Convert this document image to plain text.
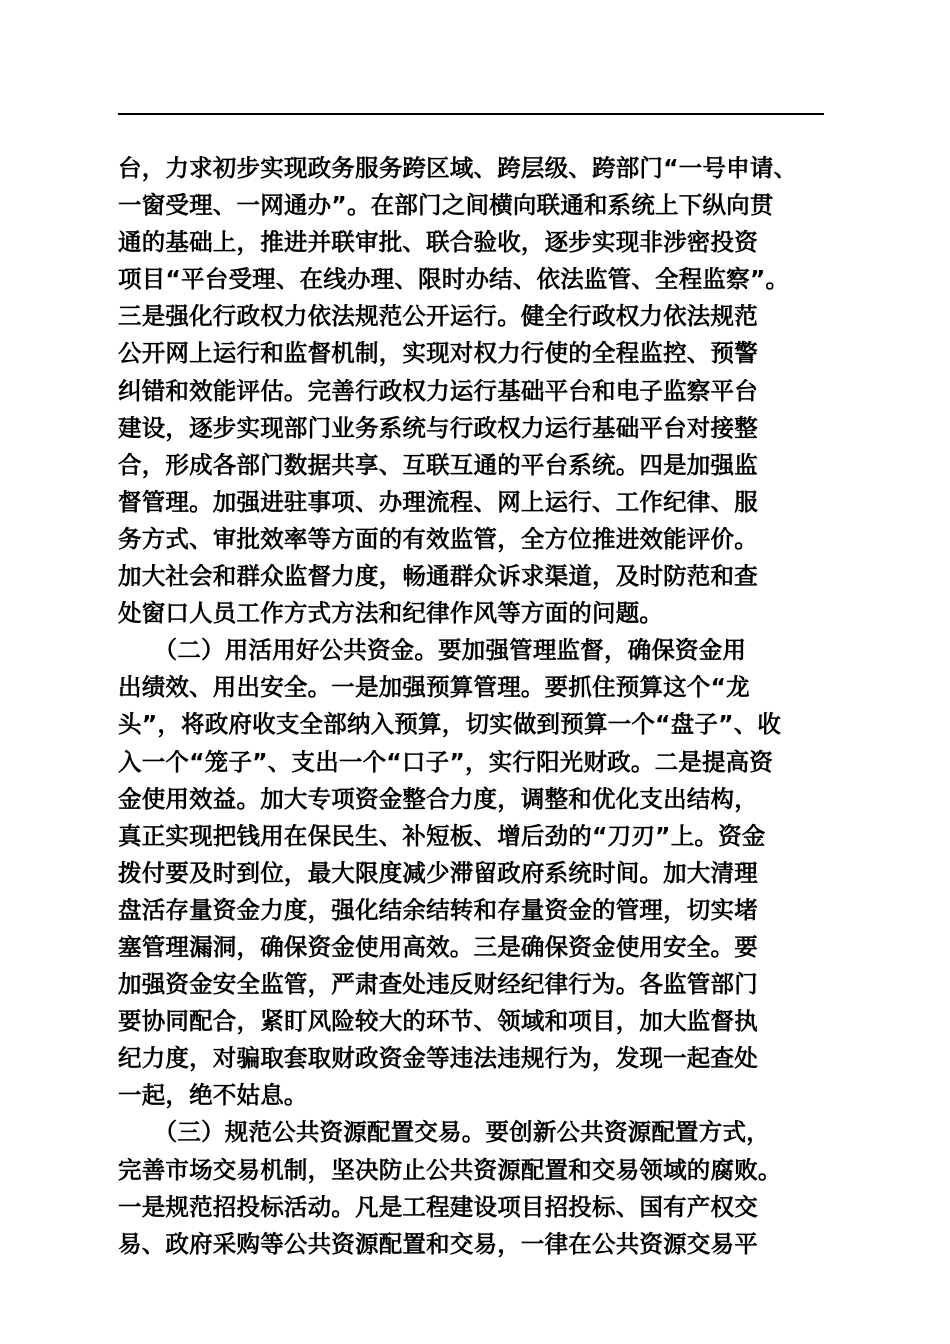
台，力求初步实现政务服务跨区域、跨层级、跨部门“一号申请、
一窗受理、一网通办”。在部门之间横向联通和系统上下纵向贯
通的基础上，推进并联审批、联合验收，逐步实现非涉密投资
项目“平台受理、在线办理、限时办结、依法监管、全程监察”。
三是强化行政权力依法规范公开运行。健全行政权力依法规范
公开网上运行和监督机制，实现对权力行使的全程监控、预警
纠错和效能评估。完善行政权力运行基础平台和电子监察平台
建设，逐步实现部门业务系统与行政权力运行基础平台对接整
合，形成各部门数据共享、互联互通的平台系统。四是加强监
督管理。加强进驻事项、办理流程、网上运行、工作纪律、服
务方式、审批效率等方面的有效监管，全方位推进效能评价。
加大社会和群众监督力度，畅通群众诉求渠道，及时防范和查
处窗口人员工作方式方法和纪律作风等方面的问题。
　　（二）用活用好公共资金。要加强管理监督，确保资金用
出绩效、用出安全。一是加强预算管理。要抓住预算这个“龙
头”，将政府收支全部纳入预算，切实做到预算一个“盘子”、收
入一个“笼子”、支出一个“口子”，实行阳光财政。二是提高资
金使用效益。加大专项资金整合力度，调整和优化支出结构，
真正实现把钱用在保民生、补短板、增后劲的“刀刃”上。资金
拨付要及时到位，最大限度减少滞留政府系统时间。加大清理
盘活存量资金力度，强化结余结转和存量资金的管理，切实堵
塞管理漏洞，确保资金使用高效。三是确保资金使用安全。要
加强资金安全监管，严肃查处违反财经纪律行为。各监管部门
要协同配合，紧盯风险较大的环节、领域和项目，加大监督执
纪力度，对骗取套取财政资金等违法违规行为，发现一起查处
一起，绝不姑息。
　　（三）规范公共资源配置交易。要创新公共资源配置方式，
完善市场交易机制，坚决防止公共资源配置和交易领域的腐败。
一是规范招投标活动。凡是工程建设项目招投标、国有产权交
易、政府采购等公共资源配置和交易，一律在公共资源交易平
